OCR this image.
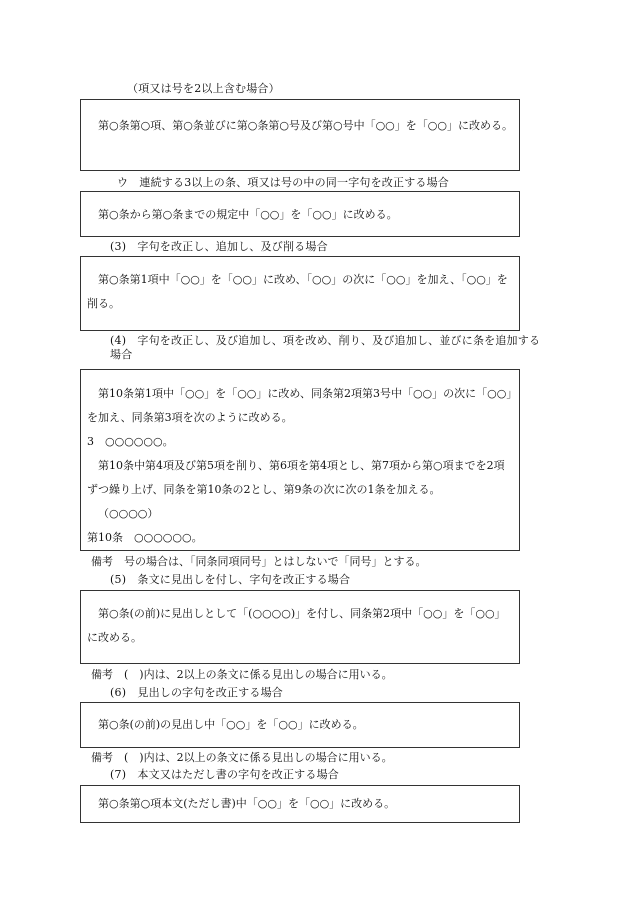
（項又は号を2以上含む場合）

第○条第○項、第○条並びに第○条第○号及び第○号中「○○」を「○○」に改める。

ウ　連続する3以上の条、項又は号の中の同一字句を改正する場合

第○条から第○条までの規定中「○○」を「○○」に改める。

(3)　字句を改正し、追加し、及び削る場合

第○条第1項中「○○」を「○○」に改め、「○○」の次に「○○」を加え、「○○」を削る。

(4)　字句を改正し、及び追加し、項を改め、削り、及び追加し、並びに条を追加する場合

第10条第1項中「○○」を「○○」に改め、同条第2項第3号中「○○」の次に「○○」を加え、同条第3項を次のように改める。

3　○○○○○○。

第10条中第4項及び第5項を削り、第6項を第4項とし、第7項から第○項までを2項ずつ繰り上げ、同条を第10条の2とし、第9条の次に次の1条を加える。

（○○○○）

第10条　○○○○○○。

備考　号の場合は、「同条同項同号」とはしないで「同号」とする。
(5)　条文に見出しを付し、字句を改正する場合

第○条(の前)に見出しとして「(○○○○)」を付し、同条第2項中「○○」を「○○」に改める。

備考　(　)内は、2以上の条文に係る見出しの場合に用いる。
(6)　見出しの字句を改正する場合

第○条(の前)の見出し中「○○」を「○○」に改める。

備考　(　)内は、2以上の条文に係る見出しの場合に用いる。
(7)　本文又はただし書の字句を改正する場合

第○条第○項本文(ただし書)中「○○」を「○○」に改める。
